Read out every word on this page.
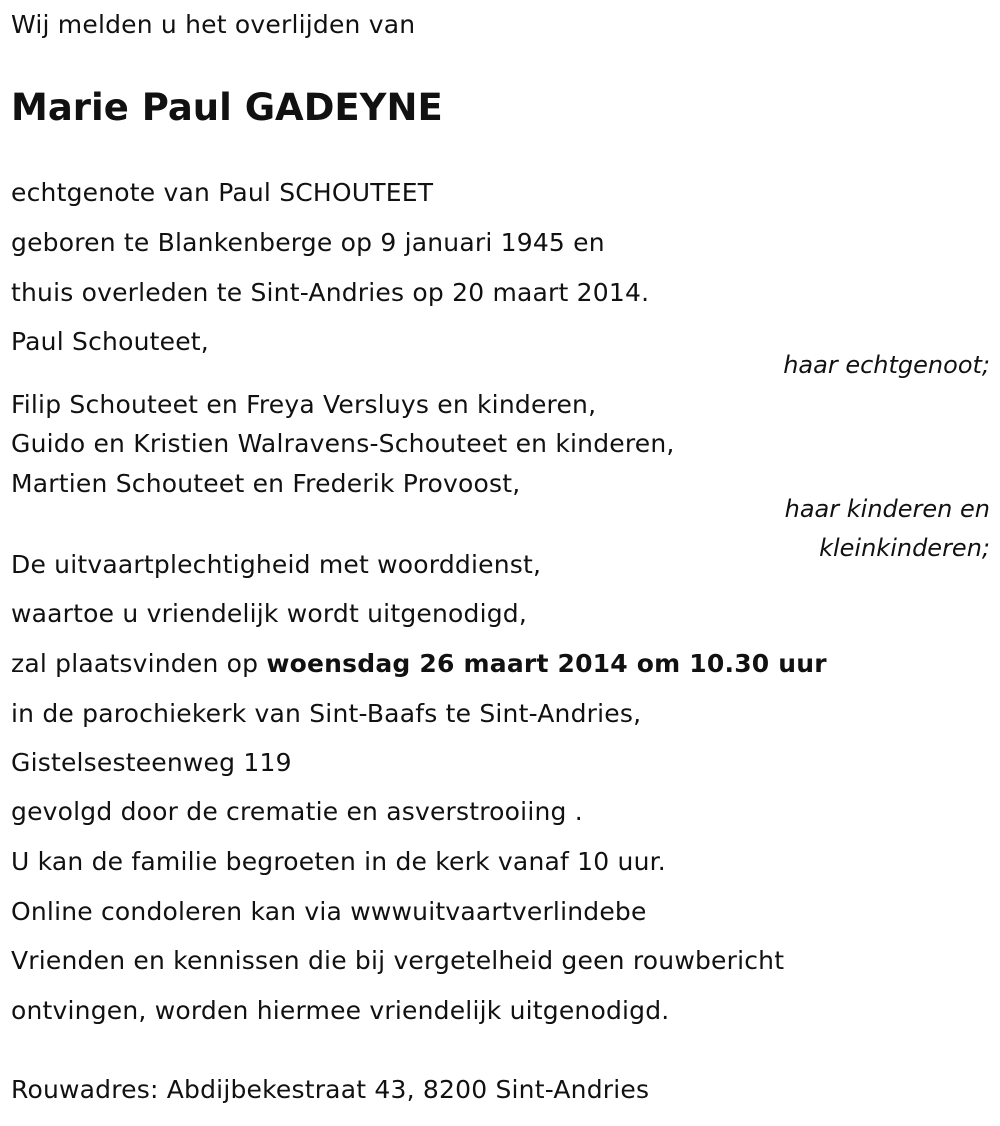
Wij melden u het overlijden van
Marie Paul GADEYNE
echtgenote van Paul SCHOUTEET
geboren te Blankenberge op 9 januari 1945 en
thuis overleden te Sint-Andries op 20 maart 2014.
Paul Schouteet,
haar echtgenoot;
Filip Schouteet en Freya Versluys en kinderen,
Guido en Kristien Walravens-Schouteet en kinderen,
Martien Schouteet en Frederik Provoost,
haar kinderen en
kleinkinderen;
De uitvaartplechtigheid met woorddienst,
waartoe u vriendelijk wordt uitgenodigd,
zal plaatsvinden op woensdag 26 maart 2014 om 10.30 uur
in de parochiekerk van Sint-Baafs te Sint-Andries,
Gistelsesteenweg 119
gevolgd door de crematie en asverstrooiing .
U kan de familie begroeten in de kerk vanaf 10 uur.
Online condoleren kan via wwwuitvaartverlindebe
Vrienden en kennissen die bij vergetelheid geen rouwbericht
ontvingen, worden hiermee vriendelijk uitgenodigd.
Rouwadres: Abdijbekestraat 43, 8200 Sint-Andries
